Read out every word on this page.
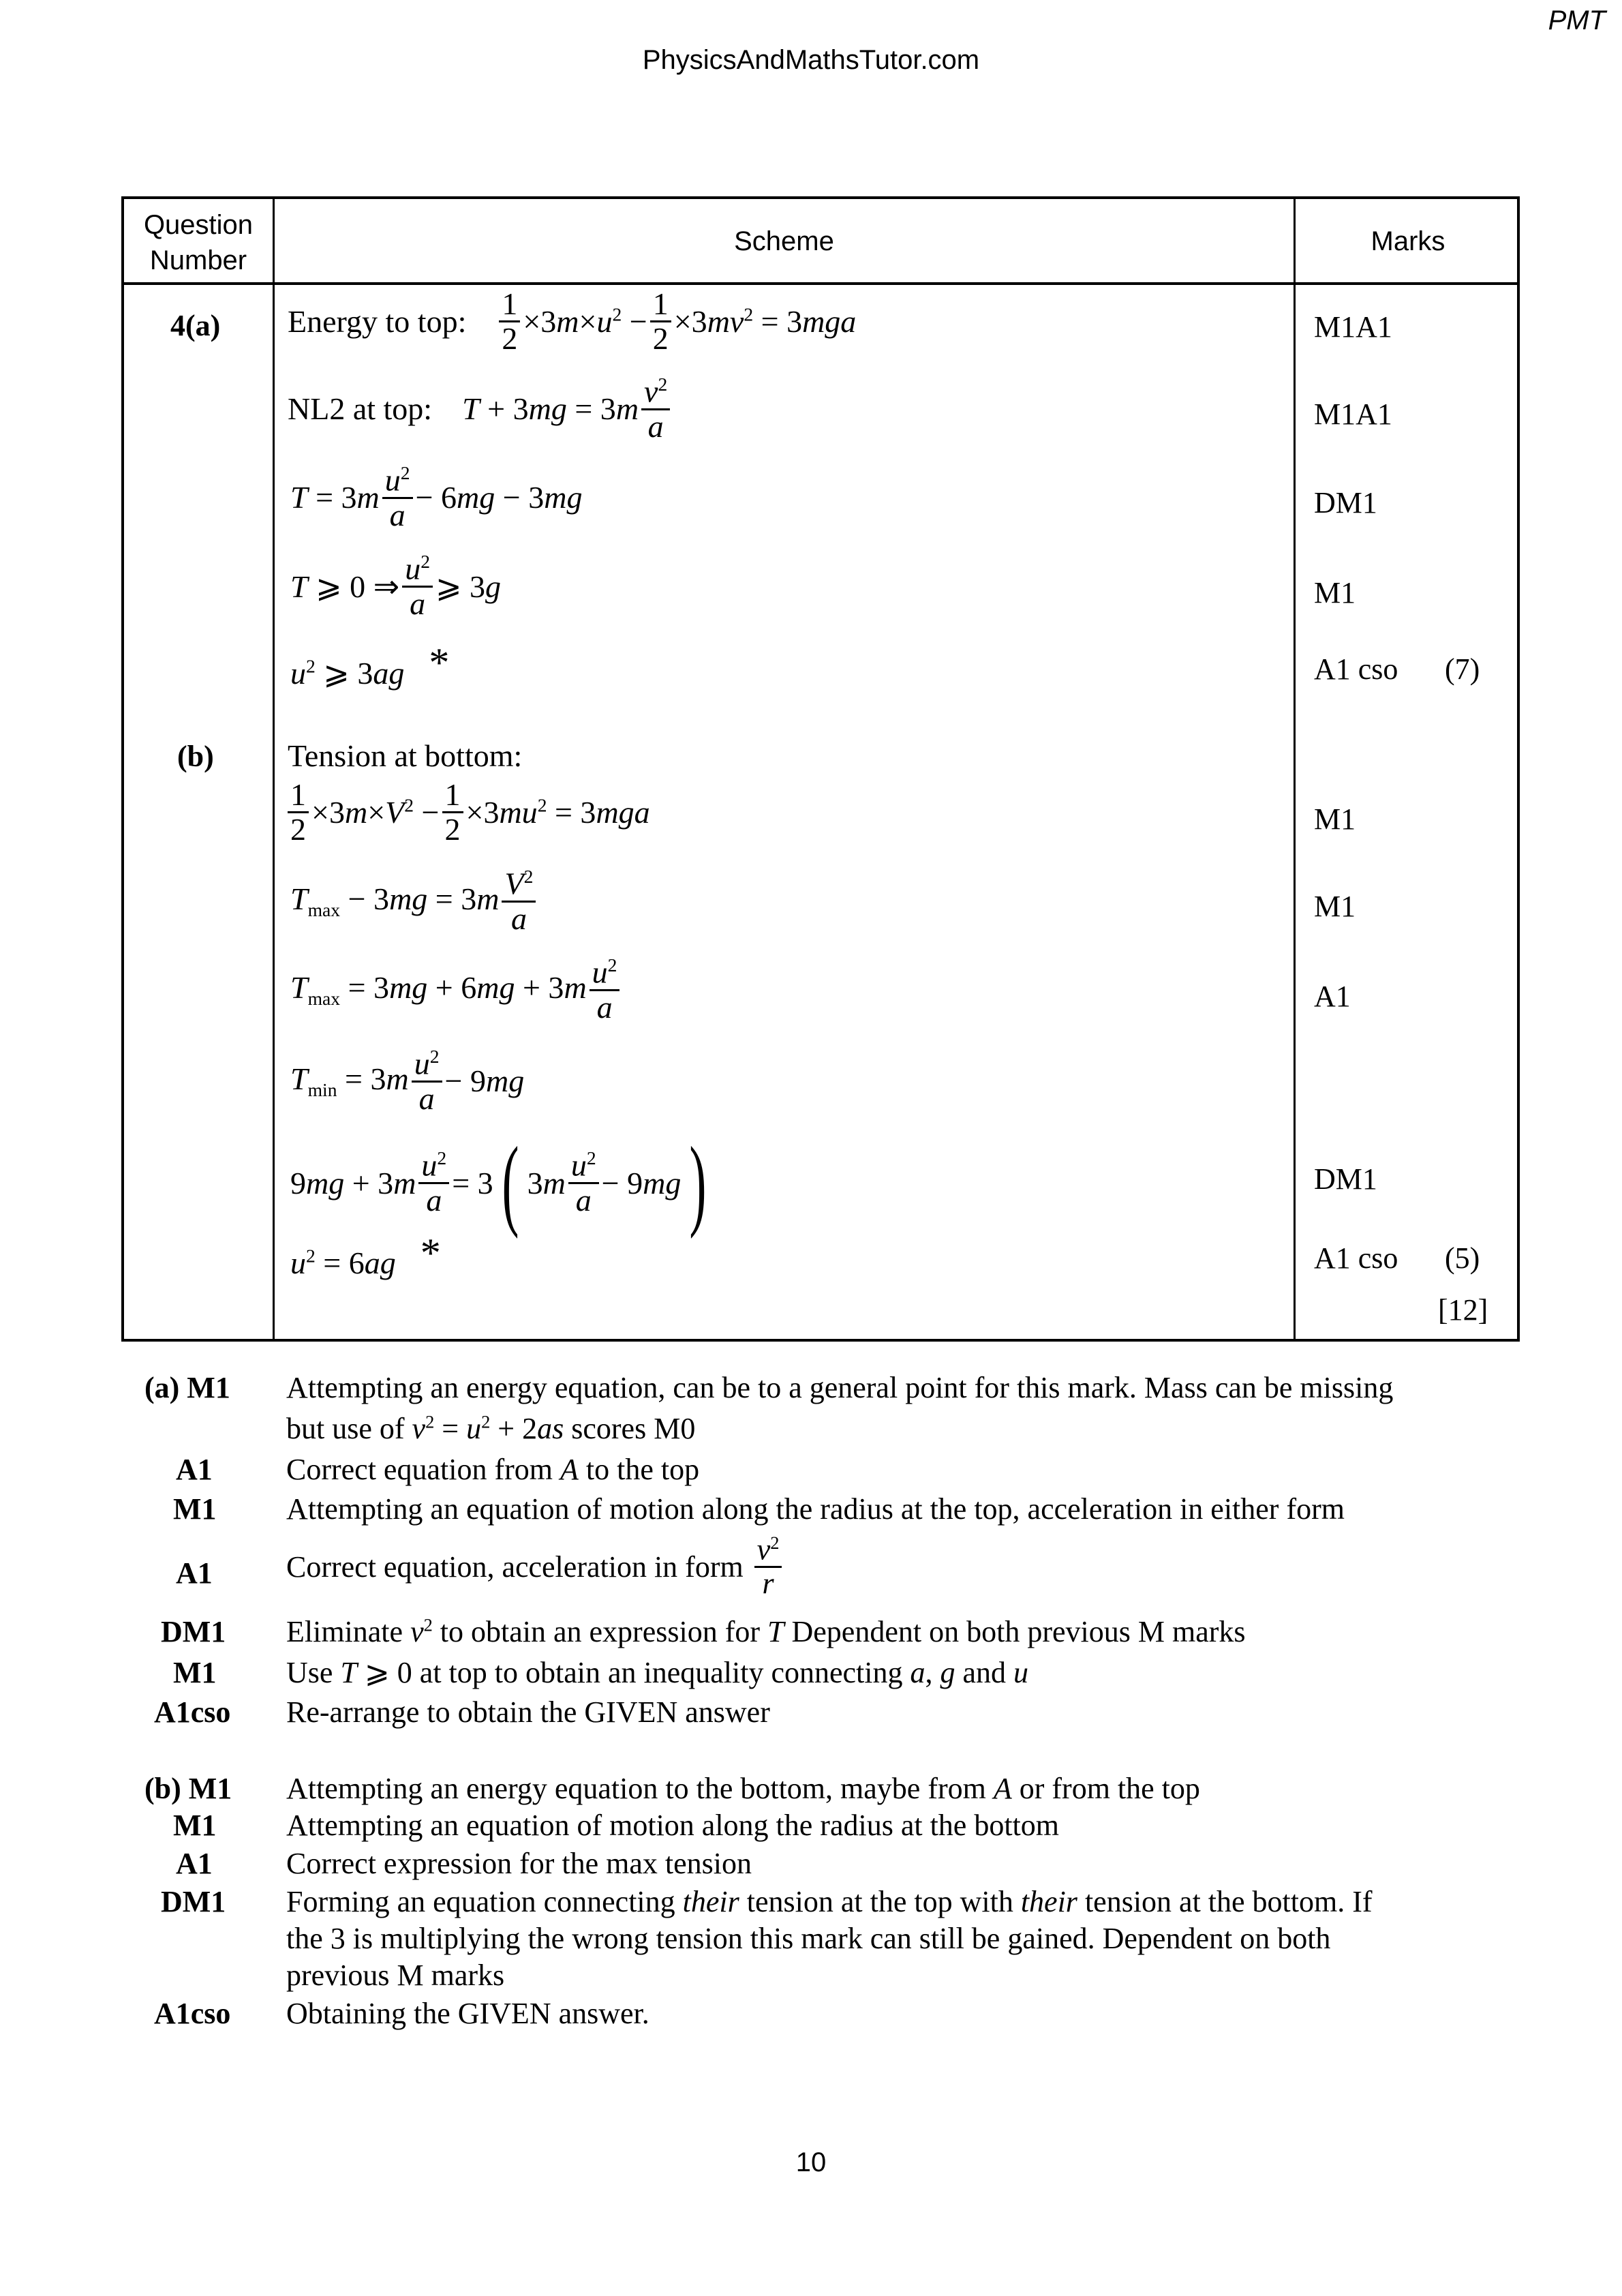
PMT
PhysicsAndMathsTutor.com
Question
Number
Scheme	Marks
4(a) Energy to top: $\frac{1}{2} \times 3m\times u^2 - \frac{1}{2} \times 3mv^2 = 3mga$	M1A1
NL2 at top: $T + 3mg = 3m \frac{v^2}{a}$	M1A1
$T = 3m \frac{u^2}{a} - 6mg - 3mg$	DM1
T ⩾ 0 ⇒ $\frac{u^2}{a}$ ⩾ 3g	M1
$u^2$ ⩾ 3ag *	A1 cso (7)
(b) Tension at bottom:
$\frac{1}{2} \times 3m\times V^2 - \frac{1}{2} \times 3mu^2 = 3mga$	M1
$T_{max} - 3mg = 3m \frac{V^2}{a}$	M1
$T_{max} = 3mg + 6mg + 3m \frac{u^2}{a}$	A1
$T_{min} = 3m \frac{u^2}{a} - 9mg$
$9mg + 3m \frac{u^2}{a} = 3$ ( $3m \frac{u^2}{a} - 9mg$ )	DM1
$u^2 = 6ag$ *	A1 cso (5)
[12]
(a) M1 Attempting an energy equation, can be to a general point for this mark. Mass can be missing
but use of $v^2 = u^2 + 2as$ scores M0
A1 Correct equation from A to the top
M1 Attempting an equation of motion along the radius at the top, acceleration in either form
A1 Correct equation, acceleration in form $\frac{v^2}{r}$
DM1 Eliminate $v^2$ to obtain an expression for T Dependent on both previous M marks
M1 Use T ⩾ 0 at top to obtain an inequality connecting a, g and u
A1cso Re-arrange to obtain the GIVEN answer
(b) M1 Attempting an energy equation to the bottom, maybe from A or from the top
M1 Attempting an equation of motion along the radius at the bottom
A1 Correct expression for the max tension
DM1 Forming an equation connecting their tension at the top with their tension at the bottom. If
the 3 is multiplying the wrong tension this mark can still be gained. Dependent on both
previous M marks
A1cso Obtaining the GIVEN answer.
10
